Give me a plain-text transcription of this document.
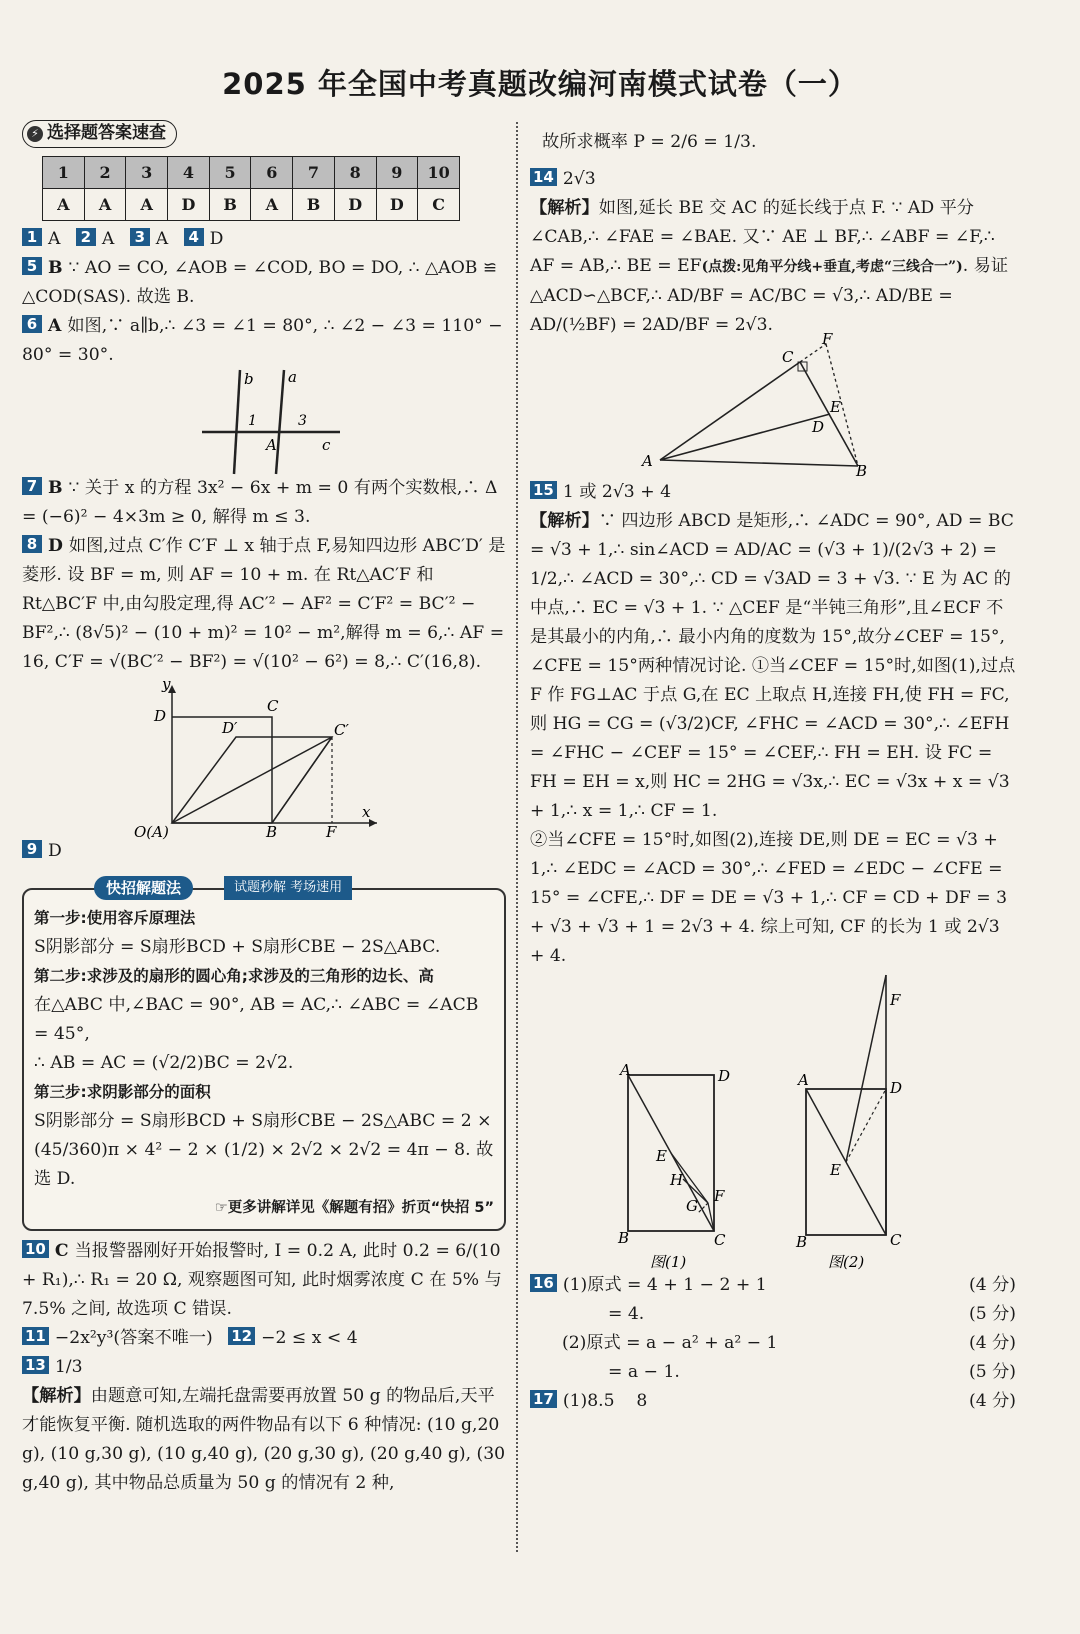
2025 年全国中考真题改编河南模式试卷（一）
⚡ 选择题答案速查
1	2	3	4	5	6	7	8	9	10
A	A	A	D	B	A	B	D	D	C
1 A 2 A 3 A 4 D
5 B ∵ AO = CO, ∠AOB = ∠COD, BO = DO, ∴ △AOB ≌ △COD(SAS). 故选 B.
6 A 如图,∵ a∥b,∴ ∠3 = ∠1 = 80°, ∴ ∠2 − ∠3 = 110° − 80° = 30°.
b a
c
A
1	3
7 B ∵ 关于 x 的方程 3x² − 6x + m = 0 有两个实数根,∴ Δ = (−6)² − 4×3m ≥ 0, 解得 m ≤ 3.
8 D 如图,过点 C′作 C′F ⊥ x 轴于点 F,易知四边形 ABC′D′ 是菱形. 设 BF = m, 则 AF = 10 + m. 在 Rt△AC′F 和 Rt△BC′F 中,由勾股定理,得 AC′² − AF² = C′F² = BC′² − BF²,∴ (8√5)² − (10 + m)² = 10² − m²,解得 m = 6,∴ AF = 16, C′F = √(BC′² − BF²) = √(10² − 6²) = 8,∴ C′(16,8).
y
x
D
D′
C
C′
O(A)	B	F
9 D
快招解题法	试题秒解 考场速用
第一步:使用容斥原理法
S阴影部分 = S扇形BCD + S扇形CBE − 2S△ABC.
第二步:求涉及的扇形的圆心角;求涉及的三角形的边长、高
在△ABC 中,∠BAC = 90°, AB = AC,∴ ∠ABC = ∠ACB = 45°,
∴ AB = AC = (√2/2)BC = 2√2.
第三步:求阴影部分的面积
S阴影部分 = S扇形BCD + S扇形CBE − 2S△ABC = 2 × (45/360)π × 4² − 2 × (1/2) × 2√2 × 2√2 = 4π − 8. 故选 D.
☞更多讲解详见《解题有招》折页“快招 5”
10 C 当报警器刚好开始报警时, I = 0.2 A, 此时 0.2 = 6/(10 + R₁),∴ R₁ = 20 Ω, 观察题图可知, 此时烟雾浓度 C 在 5% 与 7.5% 之间, 故选项 C 错误.
11 −2x²y³(答案不唯一) 12 −2 ≤ x < 4
13 1/3
【解析】由题意可知,左端托盘需要再放置 50 g 的物品后,天平才能恢复平衡. 随机选取的两件物品有以下 6 种情况: (10 g,20 g), (10 g,30 g), (10 g,40 g), (20 g,30 g), (20 g,40 g), (30 g,40 g), 其中物品总质量为 50 g 的情况有 2 种,
故所求概率 P = 2/6 = 1/3.
14 2√3
【解析】如图,延长 BE 交 AC 的延长线于点 F. ∵ AD 平分 ∠CAB,∴ ∠FAE = ∠BAE. 又∵ AE ⊥ BF,∴ ∠ABF = ∠F,∴ AF = AB,∴ BE = EF(点拨:见角平分线+垂直,考虑“三线合一”). 易证△ACD∽△BCF,∴ AD/BF = AC/BC = √3,∴ AD/BE = AD/(½BF) = 2AD/BF = 2√3.
C
F
E
D
A
B
15 1 或 2√3 + 4
【解析】∵ 四边形 ABCD 是矩形,∴ ∠ADC = 90°, AD = BC = √3 + 1,∴ sin∠ACD = AD/AC = (√3 + 1)/(2√3 + 2) = 1/2,∴ ∠ACD = 30°,∴ CD = √3AD = 3 + √3. ∵ E 为 AC 的中点,∴ EC = √3 + 1. ∵ △CEF 是“半钝三角形”,且∠ECF 不是其最小的内角,∴ 最小内角的度数为 15°,故分∠CEF = 15°, ∠CFE = 15°两种情况讨论. ①当∠CEF = 15°时,如图(1),过点 F 作 FG⊥AC 于点 G,在 EC 上取点 H,连接 FH,使 FH = FC,则 HG = CG = (√3/2)CF, ∠FHC = ∠ACD = 30°,∴ ∠EFH = ∠FHC − ∠CEF = 15° = ∠CEF,∴ FH = EH. 设 FC = FH = EH = x,则 HC = 2HG = √3x,∴ EC = √3x + x = √3 + 1,∴ x = 1,∴ CF = 1.
②当∠CFE = 15°时,如图(2),连接 DE,则 DE = EC = √3 + 1,∴ ∠EDC = ∠ACD = 30°,∴ ∠FED = ∠EDC − ∠CFE = 15° = ∠CFE,∴ DF = DE = √3 + 1,∴ CF = CD + DF = 3 + √3 + √3 + 1 = 2√3 + 4. 综上可知, CF 的长为 1 或 2√3 + 4.
A	D
E
H
G
F
B	C
图(1)
A	D
E
F
B	C
图(2)
16 (1)原式 = 4 + 1 − 2 + 1	(4 分)
= 4.	(5 分)
(2)原式 = a − a² + a² − 1	(4 分)
= a − 1.	(5 分)
17 (1)8.5    8	(4 分)
